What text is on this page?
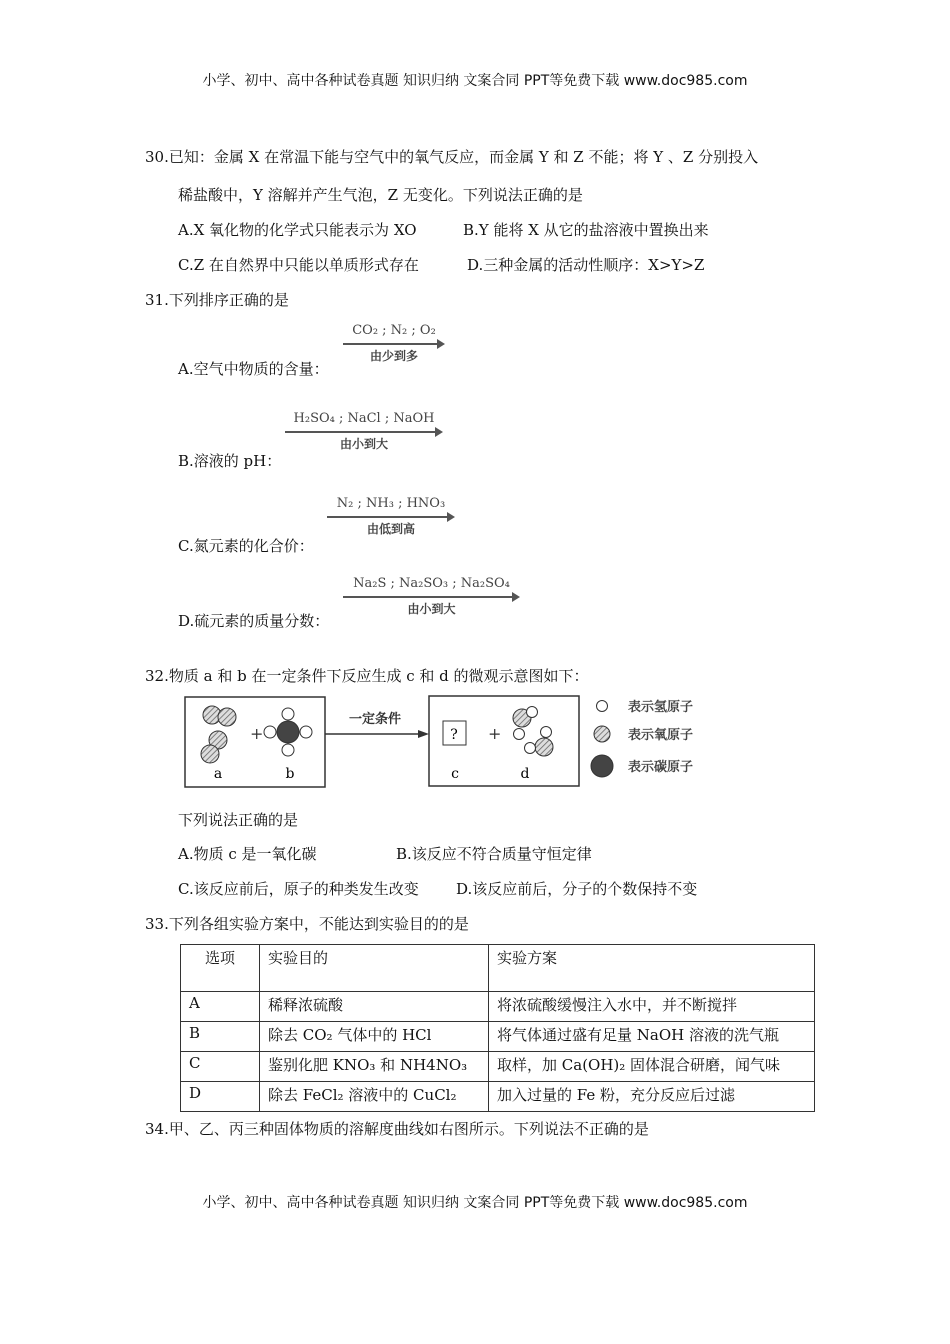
小学、初中、高中各种试卷真题 知识归纳 文案合同 PPT等免费下载 www.doc985.com
30.已知：金属 X 在常温下能与空气中的氧气反应，而金属 Y 和 Z 不能；将 Y 、Z 分别投入
稀盐酸中，Y 溶解并产生气泡，Z 无变化。下列说法正确的是
A.X 氧化物的化学式只能表示为 XO	B.Y 能将 X 从它的盐溶液中置换出来
C.Z 在自然界中只能以单质形式存在	D.三种金属的活动性顺序：X>Y>Z
31.下列排序正确的是
A.空气中物质的含量：
CO₂ ; N₂ ; O₂
由少到多
B.溶液的 pH：
H₂SO₄ ; NaCl ; NaOH
由小到大
C.氮元素的化合价：
N₂ ; NH₃ ; HNO₃
由低到高
D.硫元素的质量分数：
Na₂S ; Na₂SO₃ ; Na₂SO₄
由小到大
32.物质 a 和 b 在一定条件下反应生成 c 和 d 的微观示意图如下：
+
a	b
一定条件
? +
c	d
表示氢原子
表示氧原子
表示碳原子
下列说法正确的是
A.物质 c 是一氧化碳	B.该反应不符合质量守恒定律
C.该反应前后，原子的种类发生改变 D.该反应前后，分子的个数保持不变
33.下列各组实验方案中，不能达到实验目的的是
选项	实验目的	实验方案
A	稀释浓硫酸	将浓硫酸缓慢注入水中，并不断搅拌
B	除去 CO₂ 气体中的 HCl	将气体通过盛有足量 NaOH 溶液的洗气瓶
C	鉴别化肥 KNO₃ 和 NH4NO₃	取样，加 Ca(OH)₂ 固体混合研磨，闻气味
D	除去 FeCl₂ 溶液中的 CuCl₂	加入过量的 Fe 粉，充分反应后过滤
34.甲、乙、丙三种固体物质的溶解度曲线如右图所示。下列说法不正确的是
小学、初中、高中各种试卷真题 知识归纳 文案合同 PPT等免费下载 www.doc985.com
